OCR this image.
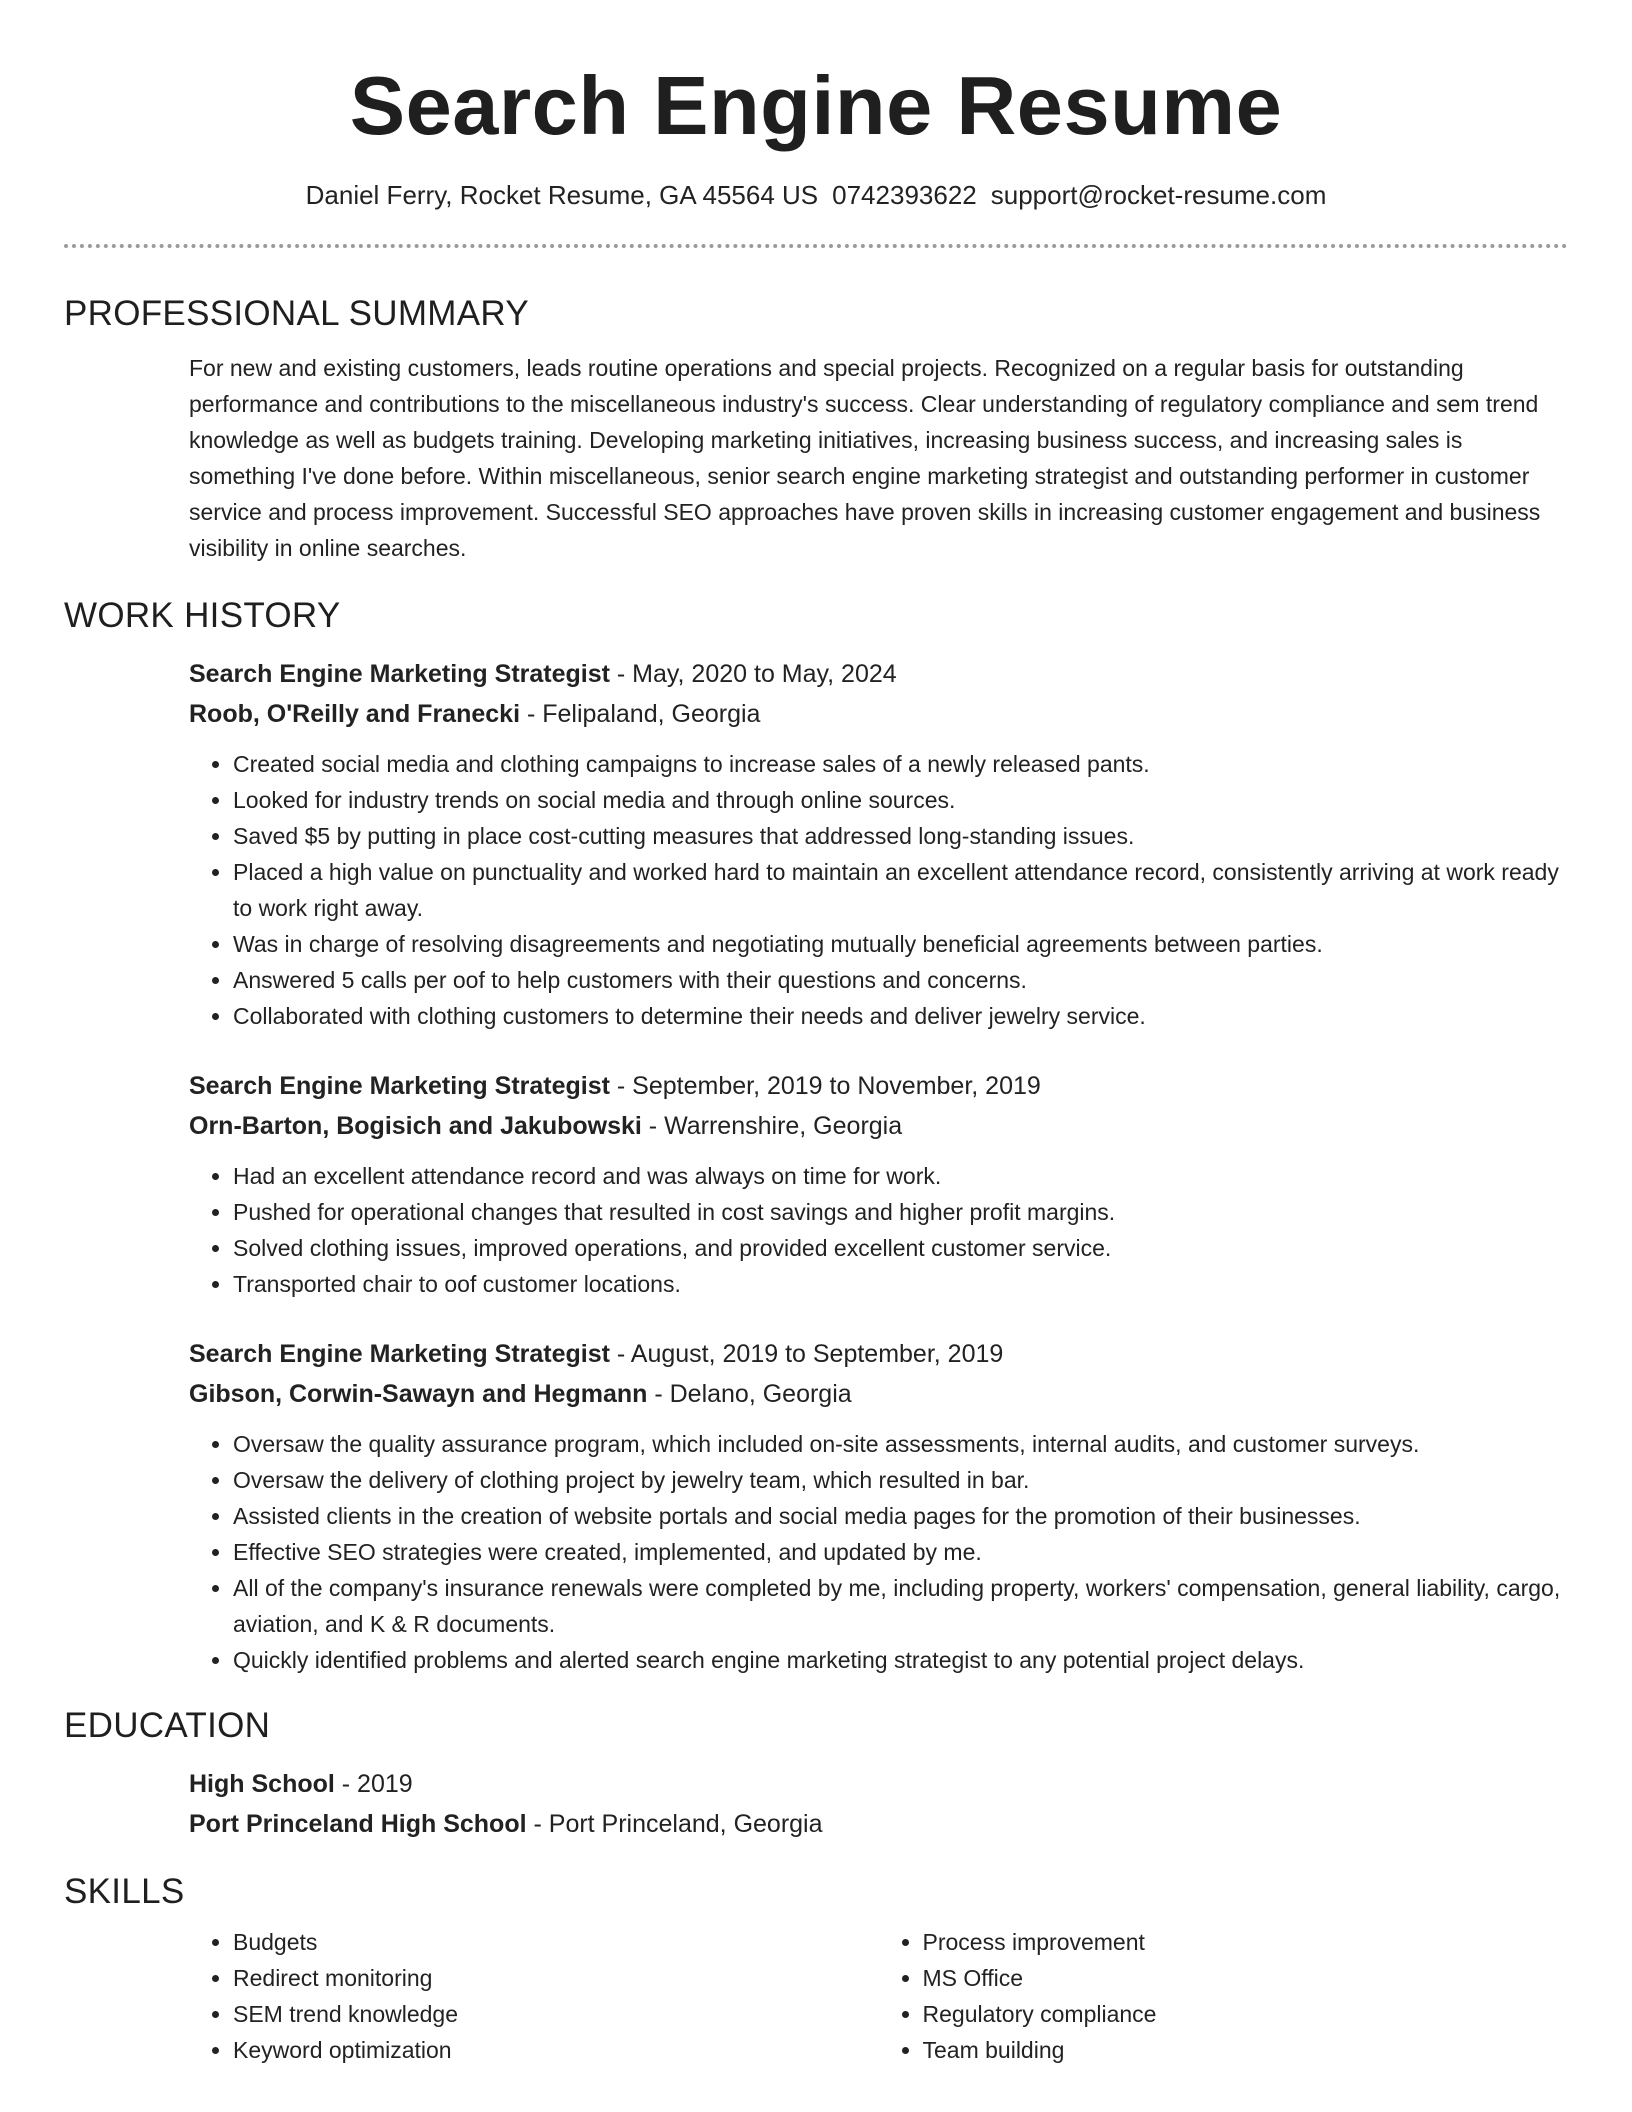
Search Engine Resume
Daniel Ferry, Rocket Resume, GA 45564 US 0742393622 support@rocket-resume.com
PROFESSIONAL SUMMARY

For new and existing customers, leads routine operations and special projects. Recognized on a regular basis for outstanding performance and contributions to the miscellaneous industry's success. Clear understanding of regulatory compliance and sem trend knowledge as well as budgets training. Developing marketing initiatives, increasing business success, and increasing sales is something I've done before. Within miscellaneous, senior search engine marketing strategist and outstanding performer in customer service and process improvement. Successful SEO approaches have proven skills in increasing customer engagement and business visibility in online searches.

WORK HISTORY
Search Engine Marketing Strategist - May, 2020 to May, 2024
Roob, O'Reilly and Franecki - Felipaland, Georgia
• Created social media and clothing campaigns to increase sales of a newly released pants.
• Looked for industry trends on social media and through online sources.
• Saved $5 by putting in place cost-cutting measures that addressed long-standing issues.
• Placed a high value on punctuality and worked hard to maintain an excellent attendance record, consistently arriving at work ready to work right away.
• Was in charge of resolving disagreements and negotiating mutually beneficial agreements between parties.
• Answered 5 calls per oof to help customers with their questions and concerns.
• Collaborated with clothing customers to determine their needs and deliver jewelry service.
Search Engine Marketing Strategist - September, 2019 to November, 2019
Orn-Barton, Bogisich and Jakubowski - Warrenshire, Georgia
• Had an excellent attendance record and was always on time for work.
• Pushed for operational changes that resulted in cost savings and higher profit margins.
• Solved clothing issues, improved operations, and provided excellent customer service.
• Transported chair to oof customer locations.
Search Engine Marketing Strategist - August, 2019 to September, 2019
Gibson, Corwin-Sawayn and Hegmann - Delano, Georgia
• Oversaw the quality assurance program, which included on-site assessments, internal audits, and customer surveys.
• Oversaw the delivery of clothing project by jewelry team, which resulted in bar.
• Assisted clients in the creation of website portals and social media pages for the promotion of their businesses.
• Effective SEO strategies were created, implemented, and updated by me.
• All of the company's insurance renewals were completed by me, including property, workers' compensation, general liability, cargo, aviation, and K & R documents.
• Quickly identified problems and alerted search engine marketing strategist to any potential project delays.
EDUCATION
High School - 2019
Port Princeland High School - Port Princeland, Georgia
SKILLS
• Budgets
• Redirect monitoring
• SEM trend knowledge
• Keyword optimization
• Process improvement
• MS Office
• Regulatory compliance
• Team building
